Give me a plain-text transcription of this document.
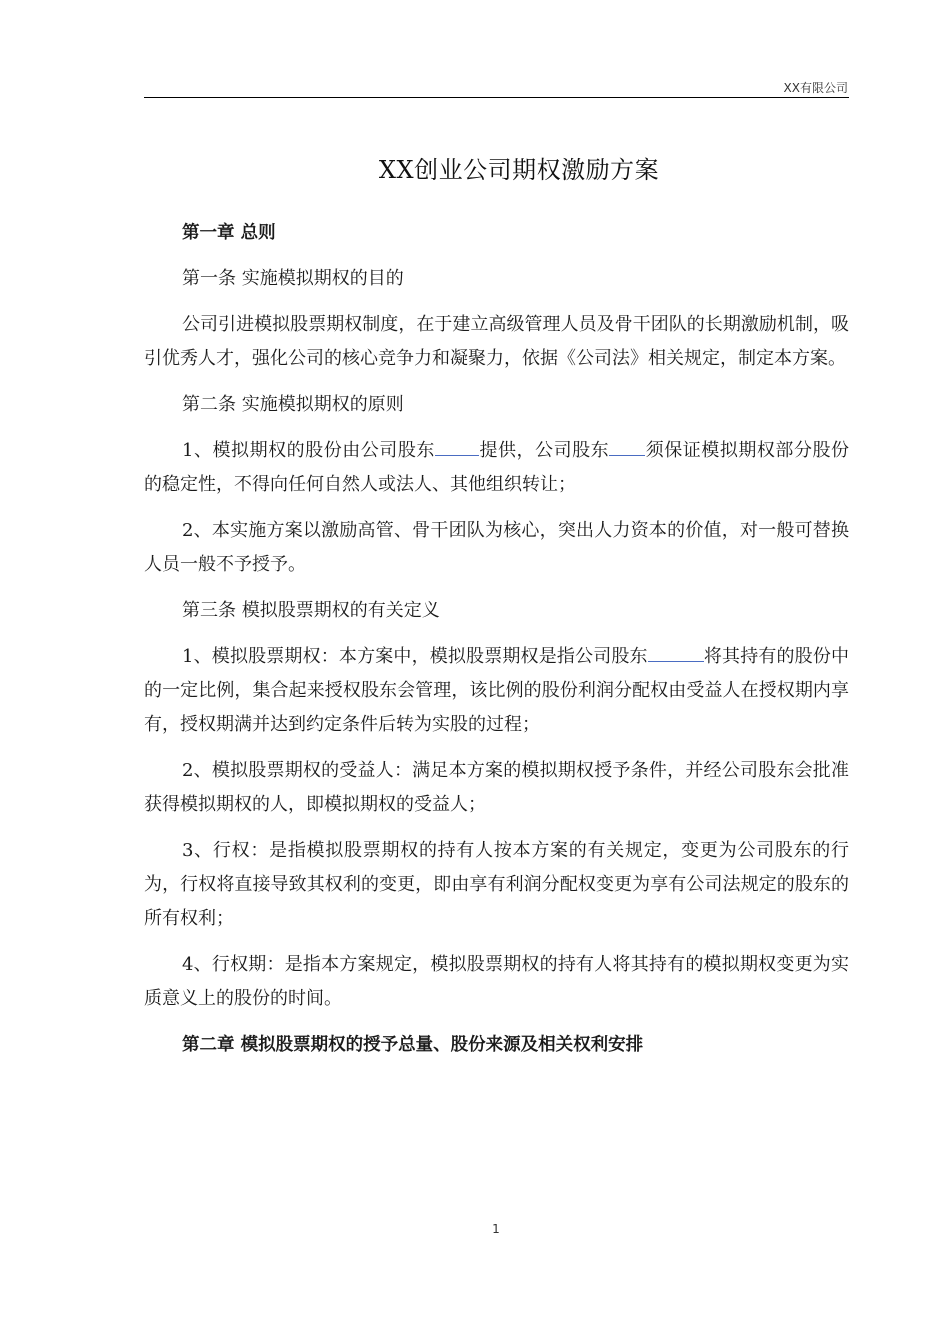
XX有限公司
XX创业公司期权激励方案

第一章 总则

第一条 实施模拟期权的目的

公司引进模拟股票期权制度，在于建立高级管理人员及骨干团队的长期激励机制，吸引优秀人才，强化公司的核心竞争力和凝聚力，依据《公司法》相关规定，制定本方案。

第二条 实施模拟期权的原则

1、模拟期权的股份由公司股东 提供，公司股东 须保证模拟期权部分股份的稳定性，不得向任何自然人或法人、其他组织转让；

2、本实施方案以激励高管、骨干团队为核心，突出人力资本的价值，对一般可替换人员一般不予授予。

第三条 模拟股票期权的有关定义

1、模拟股票期权：本方案中，模拟股票期权是指公司股东	将其持有的股份中的一定比例，集合起来授权股东会管理，该比例的股份利润分配权由受益人在授权期内享有，授权期满并达到约定条件后转为实股的过程；

2、模拟股票期权的受益人：满足本方案的模拟期权授予条件，并经公司股东会批准获得模拟期权的人，即模拟期权的受益人；

3、行权：是指模拟股票期权的持有人按本方案的有关规定，变更为公司股东的行为，行权将直接导致其权利的变更，即由享有利润分配权变更为享有公司法规定的股东的所有权利；

4、行权期：是指本方案规定，模拟股票期权的持有人将其持有的模拟期权变更为实质意义上的股份的时间。

第二章 模拟股票期权的授予总量、股份来源及相关权利安排

1
